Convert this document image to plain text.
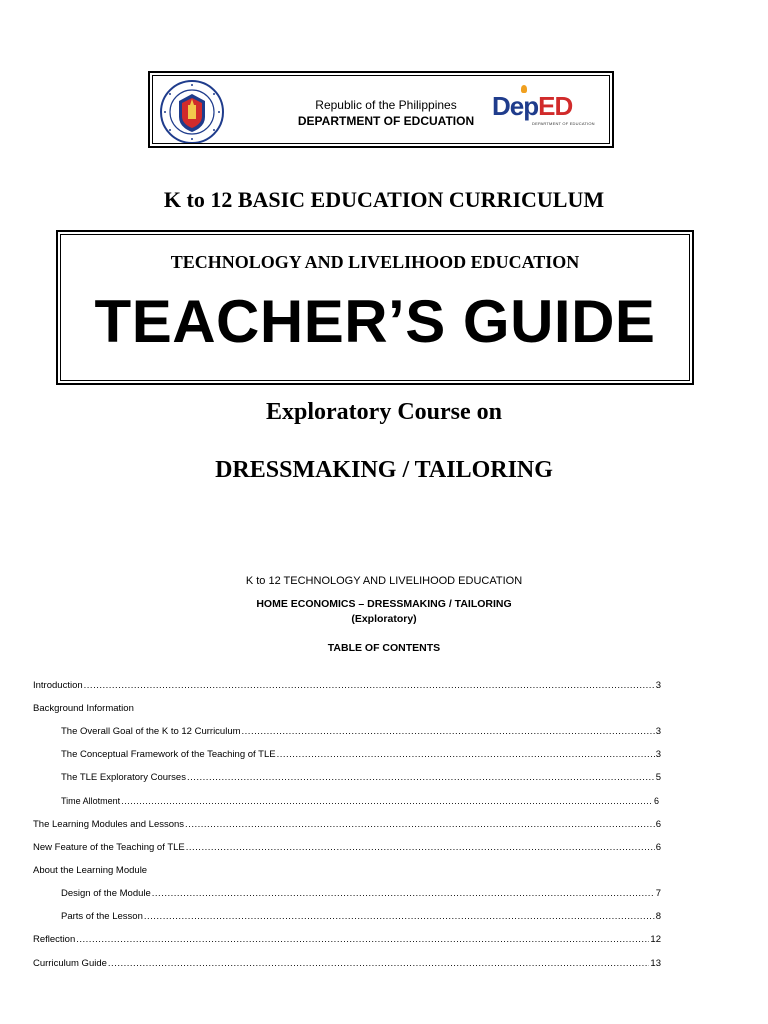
Republic of the Philippines
DEPARTMENT OF EDCUATION DepED
DEPARTMENT OF EDUCATION
K to 12 BASIC EDUCATION CURRICULUM
TECHNOLOGY AND LIVELIHOOD EDUCATION
TEACHER’S GUIDE
Exploratory Course on
DRESSMAKING / TAILORING
K to 12 TECHNOLOGY AND LIVELIHOOD EDUCATION
HOME ECONOMICS – DRESSMAKING / TAILORING
(Exploratory)
TABLE OF CONTENTS
Introduction .....	3
Background Information
The Overall Goal of the K to 12 Curriculum .....	3
The Conceptual Framework of the Teaching of TLE .....	3
The TLE Exploratory Courses .....	5
Time Allotment .....	6
The Learning Modules and Lessons .....	6
New Feature of the Teaching of TLE .....	6
About the Learning Module
Design of the Module .....	7
Parts of the Lesson .....	8
Reflection .....	12
Curriculum Guide .....	13
